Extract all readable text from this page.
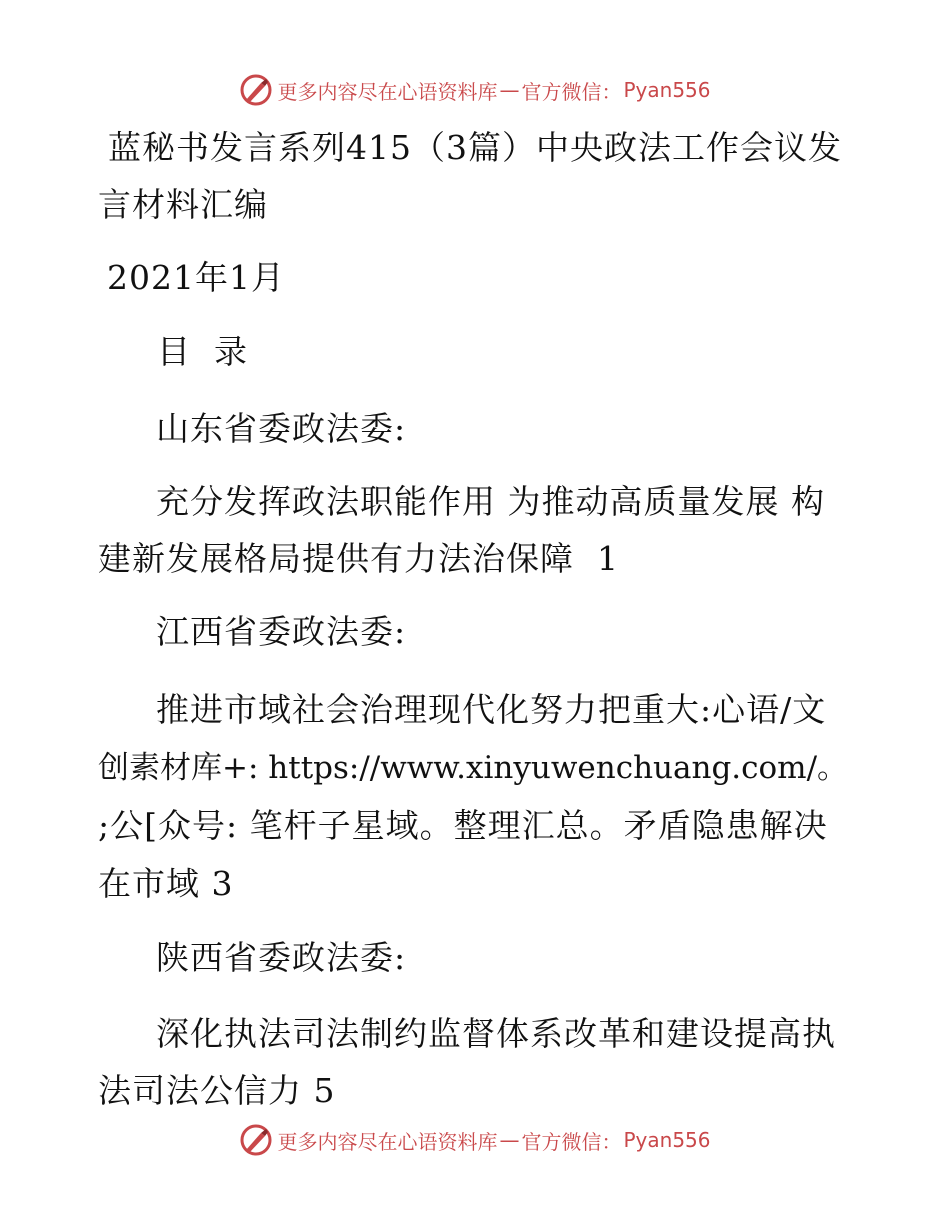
更多内容尽在心语资料库 — 官方微信： Pyan556
蓝秘书发言系列415（3篇）中央政法工作会议发
言材料汇编
2021年1月
目  录
山东省委政法委:
充分发挥政法职能作用 为推动高质量发展 构
建新发展格局提供有力法治保障  1
江西省委政法委:
推进市域社会治理现代化努力把重大:心语/文
创素材库+: https://www.xinyuwenchuang.com/。
;公[众号: 笔杆子星域。整理汇总。矛盾隐患解决
在市域 3
陕西省委政法委:
深化执法司法制约监督体系改革和建设提高执
法司法公信力 5
更多内容尽在心语资料库 — 官方微信： Pyan556
